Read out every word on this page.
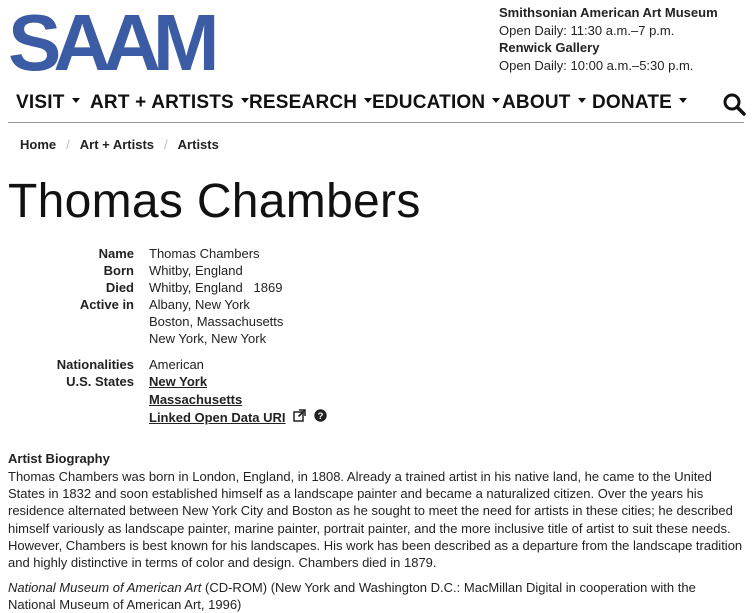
SAAM	Smithsonian American Art Museum
Open Daily: 11:30 a.m.–7 p.m.
Renwick Gallery
Open Daily: 10:00 a.m.–5:30 p.m.
VISIT	ART + ARTISTS RESEARCH EDUCATION ABOUT	DONATE
Home / Art + Artists / Artists
Thomas Chambers
Name Thomas Chambers
Born Whitby, England
Died Whitby, England   1869
Active in Albany, New York
Boston, Massachusetts
New York, New York
Nationalities American
U.S. States New York
Massachusetts
Linked Open Data URI	?
Artist Biography

Thomas Chambers was born in London, England, in 1808. Already a trained artist in his native land, he came to the United States in 1832 and soon established himself as a landscape painter and became a naturalized citizen. Over the years his residence alternated between New York City and Boston as he sought to meet the need for artists in these cities; he described himself variously as landscape painter, marine painter, portrait painter, and the more inclusive title of artist to suit these needs. However, Chambers is best known for his landscapes. His work has been described as a departure from the landscape tradition and highly distinctive in terms of color and design. Chambers died in 1879.

National Museum of American Art (CD-ROM) (New York and Washington D.C.: MacMillan Digital in cooperation with the National Museum of American Art, 1996)
